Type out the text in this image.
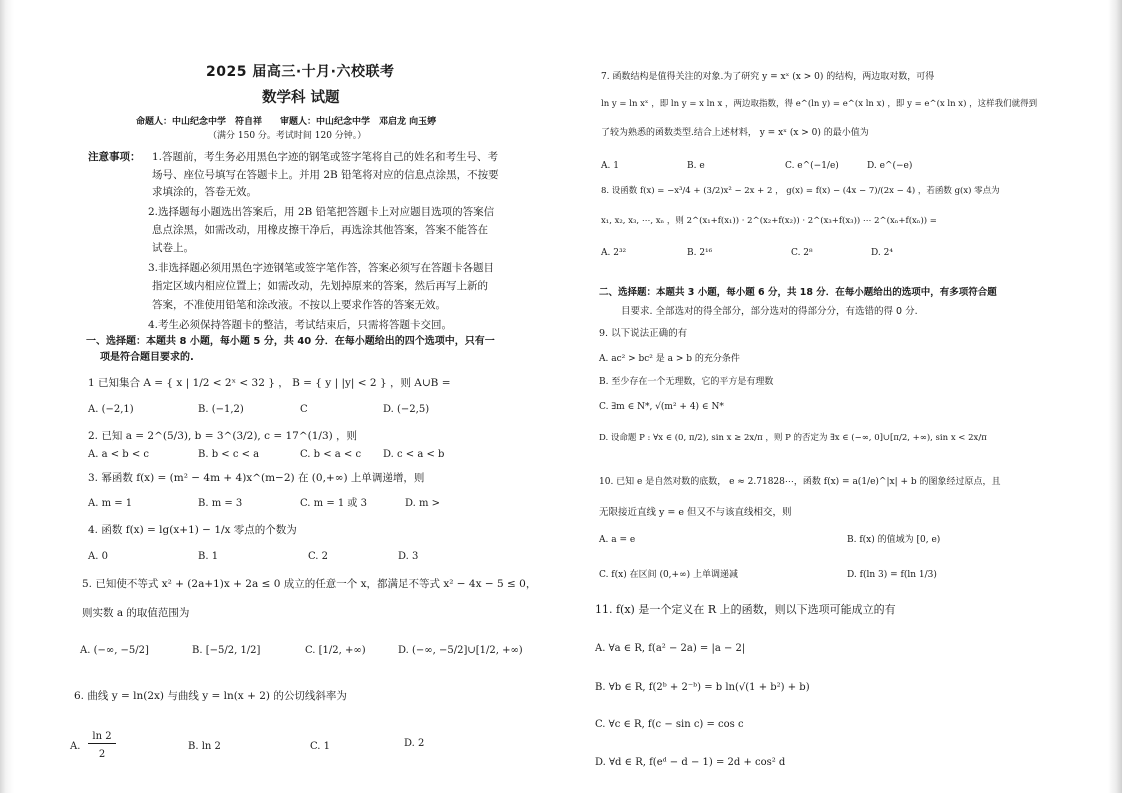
2025 届高三·十月·六校联考
数学科 试题
命题人：中山纪念中学　符自祥　　审题人：中山纪念中学　邓启龙 向玉婷
（满分 150 分。考试时间 120 分钟。）
注意事项： 1.答题前，考生务必用黑色字迹的钢笔或签字笔将自己的姓名和考生号、考
场号、座位号填写在答题卡上。并用 2B 铅笔将对应的信息点涂黑，不按要
求填涂的，答卷无效。
2.选择题每小题选出答案后，用 2B 铅笔把答题卡上对应题目选项的答案信
息点涂黑，如需改动，用橡皮擦干净后，再选涂其他答案，答案不能答在
试卷上。
3.非选择题必须用黑色字迹钢笔或签字笔作答，答案必须写在答题卡各题目
指定区域内相应位置上；如需改动，先划掉原来的答案，然后再写上新的
答案，不准使用铅笔和涂改液。不按以上要求作答的答案无效。
4.考生必须保持答题卡的整洁，考试结束后，只需将答题卡交回。
一、选择题：本题共 8 小题，每小题 5 分，共 40 分．在每小题给出的四个选项中，只有一
项是符合题目要求的.
1 已知集合 A = { x | 1/2 < 2ˣ < 32 } ， B = { y | |y| < 2 } ，则 A∪B =
A. (−2,1)	B. (−1,2)	C	D. (−2,5)
2. 已知 a = 2^(5/3), b = 3^(3/2), c = 17^(1/3) ，则
A. a < b < c	B. b < c < a	C. b < a < c D. c < a < b
3. 幂函数 f(x) = (m² − 4m + 4)x^(m−2) 在 (0,+∞) 上单调递增，则
A. m = 1	B. m = 3	C. m = 1 或 3	D. m >
4. 函数 f(x) = lg(x+1) − 1/x 零点的个数为
A. 0	B. 1	C. 2	D. 3
5. 已知使不等式 x² + (2a+1)x + 2a ≤ 0 成立的任意一个 x，都满足不等式 x² − 4x − 5 ≤ 0，
则实数 a 的取值范围为
A. (−∞, −5/2]	B. [−5/2, 1/2]	C. [1/2, +∞)	D. (−∞, −5/2]∪[1/2, +∞)
6. 曲线 y = ln(2x) 与曲线 y = ln(x + 2) 的公切线斜率为
A.
ln 2
2
B. ln 2	C. 1	D. 2
7. 函数结构是值得关注的对象.为了研究 y = xˣ (x > 0) 的结构，两边取对数，可得
ln y = ln xˣ ，即 ln y = x ln x ，两边取指数，得 e^(ln y) = e^(x ln x) ，即 y = e^(x ln x) ，这样我们就得到
了较为熟悉的函数类型.结合上述材料， y = xˣ (x > 0) 的最小值为
A. 1	B. e	C. e^(−1/e)	D. e^(−e)
8. 设函数 f(x) = −x³/4 + (3/2)x² − 2x + 2 ， g(x) = f(x) − (4x − 7)/(2x − 4) ，若函数 g(x) 零点为
x₁, x₂, x₃, ⋯, xₙ ，则 2^(x₁+f(x₁)) · 2^(x₂+f(x₂)) · 2^(x₃+f(x₃)) ⋯ 2^(xₙ+f(xₙ)) =
A. 2³²	B. 2¹⁶	C. 2⁸	D. 2⁴
二、选择题：本题共 3 小题，每小题 6 分，共 18 分．在每小题给出的选项中，有多项符合题
目要求. 全部选对的得全部分，部分选对的得部分分，有选错的得 0 分.
9. 以下说法正确的有
A. ac² > bc² 是 a > b 的充分条件
B. 至少存在一个无理数，它的平方是有理数
C. ∃m ∈ N*, √(m² + 4) ∈ N*
D. 设命题 P : ∀x ∈ (0, π/2), sin x ≥ 2x/π ，则 P 的否定为 ∃x ∈ (−∞, 0]∪[π/2, +∞), sin x < 2x/π
10. 已知 e 是自然对数的底数， e ≈ 2.71828⋯，函数 f(x) = a(1/e)^|x| + b 的图象经过原点，且
无限接近直线 y = e 但又不与该直线相交，则
A. a = e	B. f(x) 的值域为 [0, e)
C. f(x) 在区间 (0,+∞) 上单调递减	D. f(ln 3) = f(ln 1/3)
11. f(x) 是一个定义在 R 上的函数，则以下选项可能成立的有
A. ∀a ∈ R, f(a² − 2a) = |a − 2|
B. ∀b ∈ R, f(2ᵇ + 2⁻ᵇ) = b ln(√(1 + b²) + b)
C. ∀c ∈ R, f(c − sin c) = cos c
D. ∀d ∈ R, f(eᵈ − d − 1) = 2d + cos² d
